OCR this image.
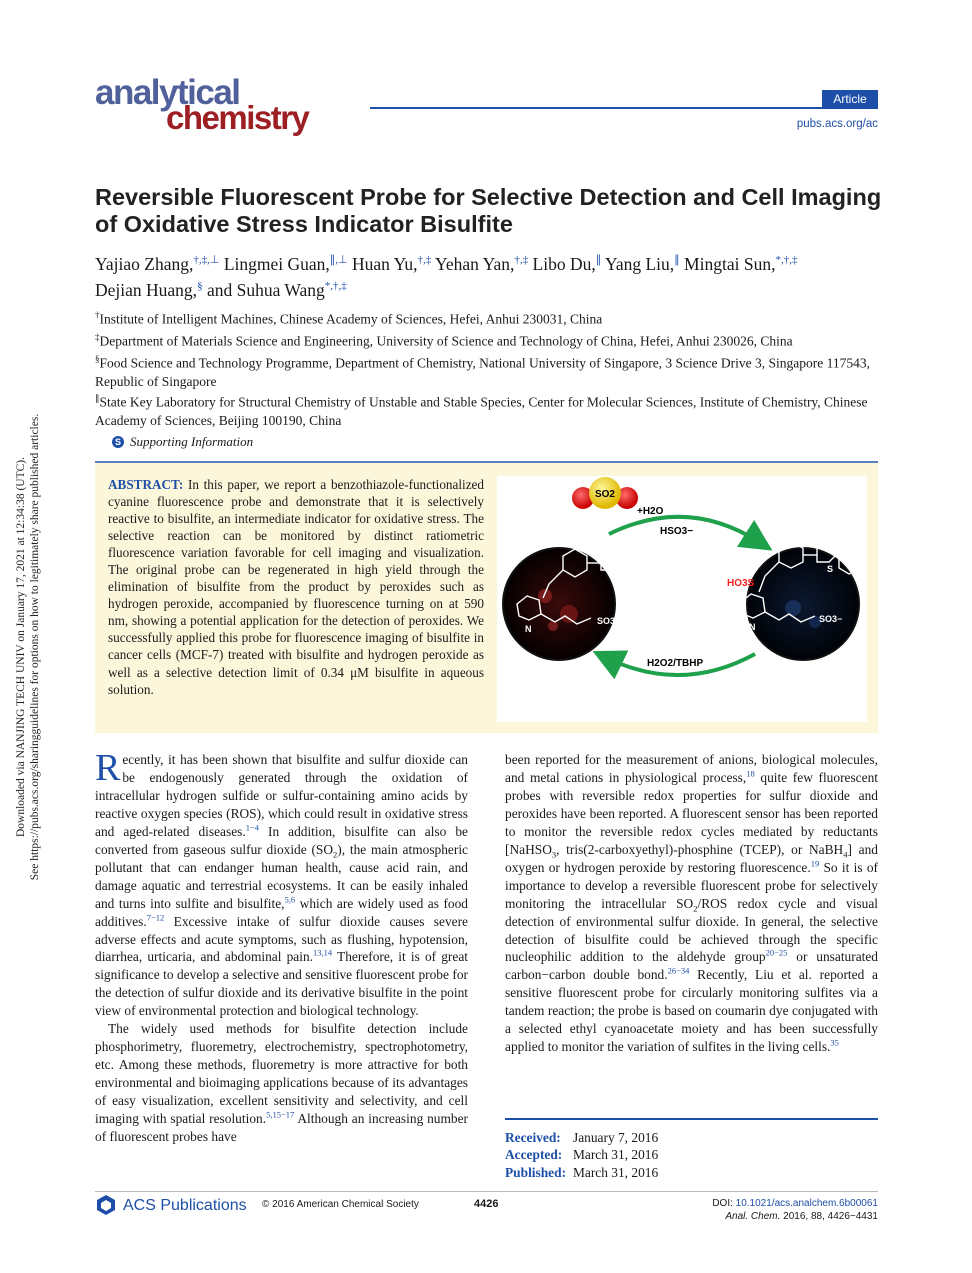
Downloaded via NANJING TECH UNIV on January 17, 2021 at 12:34:38 (UTC). See https://pubs.acs.org/sharingguidelines for options on how to legitimately share published articles.
analytical
chemistry	Article
pubs.acs.org/ac
Reversible Fluorescent Probe for Selective Detection and Cell Imaging of Oxidative Stress Indicator Bisulfite
Yajiao Zhang,†,‡,⊥ Lingmei Guan,∥,⊥ Huan Yu,†,‡ Yehan Yan,†,‡ Libo Du,∥ Yang Liu,∥ Mingtai Sun,*,†,‡
Dejian Huang,§ and Suhua Wang*,†,‡
†Institute of Intelligent Machines, Chinese Academy of Sciences, Hefei, Anhui 230031, China
‡Department of Materials Science and Engineering, University of Science and Technology of China, Hefei, Anhui 230026, China
§Food Science and Technology Programme, Department of Chemistry, National University of Singapore, 3 Science Drive 3, Singapore 117543, Republic of Singapore
∥State Key Laboratory for Structural Chemistry of Unstable and Stable Species, Center for Molecular Sciences, Institute of Chemistry, Chinese Academy of Sciences, Beijing 100190, China
S Supporting Information
ABSTRACT: In this paper, we report a benzothiazole-functionalized cyanine fluorescence probe and demonstrate that it is selectively reactive to bisulfite, an intermediate indicator for oxidative stress. The selective reaction can be monitored by distinct ratiometric fluorescence variation favorable for cell imaging and visualization. The original probe can be regenerated in high yield through the elimination of bisulfite from the product by peroxides such as hydrogen peroxide, accompanied by fluorescence turning on at 590 nm, showing a potential application for the detection of peroxides. We successfully applied this probe for fluorescence imaging of bisulfite in cancer cells (MCF-7) treated with bisulfite and hydrogen peroxide as well as a selective detection limit of 0.34 μM bisulfite in aqueous solution.
SO2
+H2O
HSO3−
H2O2/TBHP
OH
N
S
N
SO3−
OH
N
S
HO3S
N
SO3−
Recently, it has been shown that bisulfite and sulfur dioxide can be endogenously generated through the oxidation of intracellular hydrogen sulfide or sulfur-containing amino acids by reactive oxygen species (ROS), which could result in oxidative stress and aged-related diseases.$^{1-4}$ In addition, bisulfite can also be converted from gaseous sulfur dioxide $(SO_2)$, the main atmospheric pollutant that can endanger human health, cause acid rain, and damage aquatic and terrestrial ecosystems. It can be easily inhaled and turns into sulfite and bisulfite,$^{5,6}$ which are widely used as food additives.$^{7-12}$ Excessive intake of sulfur dioxide causes severe adverse effects and acute symptoms, such as flushing, hypotension, diarrhea, urticaria, and abdominal pain.$^{13,14}$ Therefore, it is of great significance to develop a selective and sensitive fluorescent probe for the detection of sulfur dioxide and its derivative bisulfite in the point view of environmental protection and biological technology.
The widely used methods for bisulfite detection include phosphorimetry, fluoremetry, electrochemistry, spectrophotometry, etc. Among these methods, fluoremetry is more attractive for both environmental and bioimaging applications because of its advantages of easy visualization, excellent sensitivity and selectivity, and cell imaging with spatial resolution.$^{5,15-17}$ Although an increasing number of fluorescent probes have
been reported for the measurement of anions, biological molecules, and metal cations in physiological process,$^{18}$ quite few fluorescent probes with reversible redox properties for sulfur dioxide and peroxides have been reported. A fluorescent sensor has been reported to monitor the reversible redox cycles mediated by reductants [NaHSO$_3$, tris(2-carboxyethyl)-phosphine (TCEP), or NaBH$_4$] and oxygen or hydrogen peroxide by restoring fluorescence.$^{19}$ So it is of importance to develop a reversible fluorescent probe for selectively monitoring the intracellular $SO_2$/ROS redox cycle and visual detection of environmental sulfur dioxide. In general, the selective detection of bisulfite could be achieved through the specific nucleophilic addition to the aldehyde group$^{20-25}$ or unsaturated carbon−carbon double bond.$^{26-34}$ Recently, Liu et al. reported a sensitive fluorescent probe for circularly monitoring sulfites via a tandem reaction; the probe is based on coumarin dye conjugated with a selected ethyl cyanoacetate moiety and has been successfully applied to monitor the variation of sulfites in the living cells.$^{35}$
Received: January 7, 2016
Accepted: March 31, 2016
Published: March 31, 2016
ACS Publications © 2016 American Chemical Society	4426	DOI: 10.1021/acs.analchem.6b00061
Anal. Chem. 2016, 88, 4426−4431
